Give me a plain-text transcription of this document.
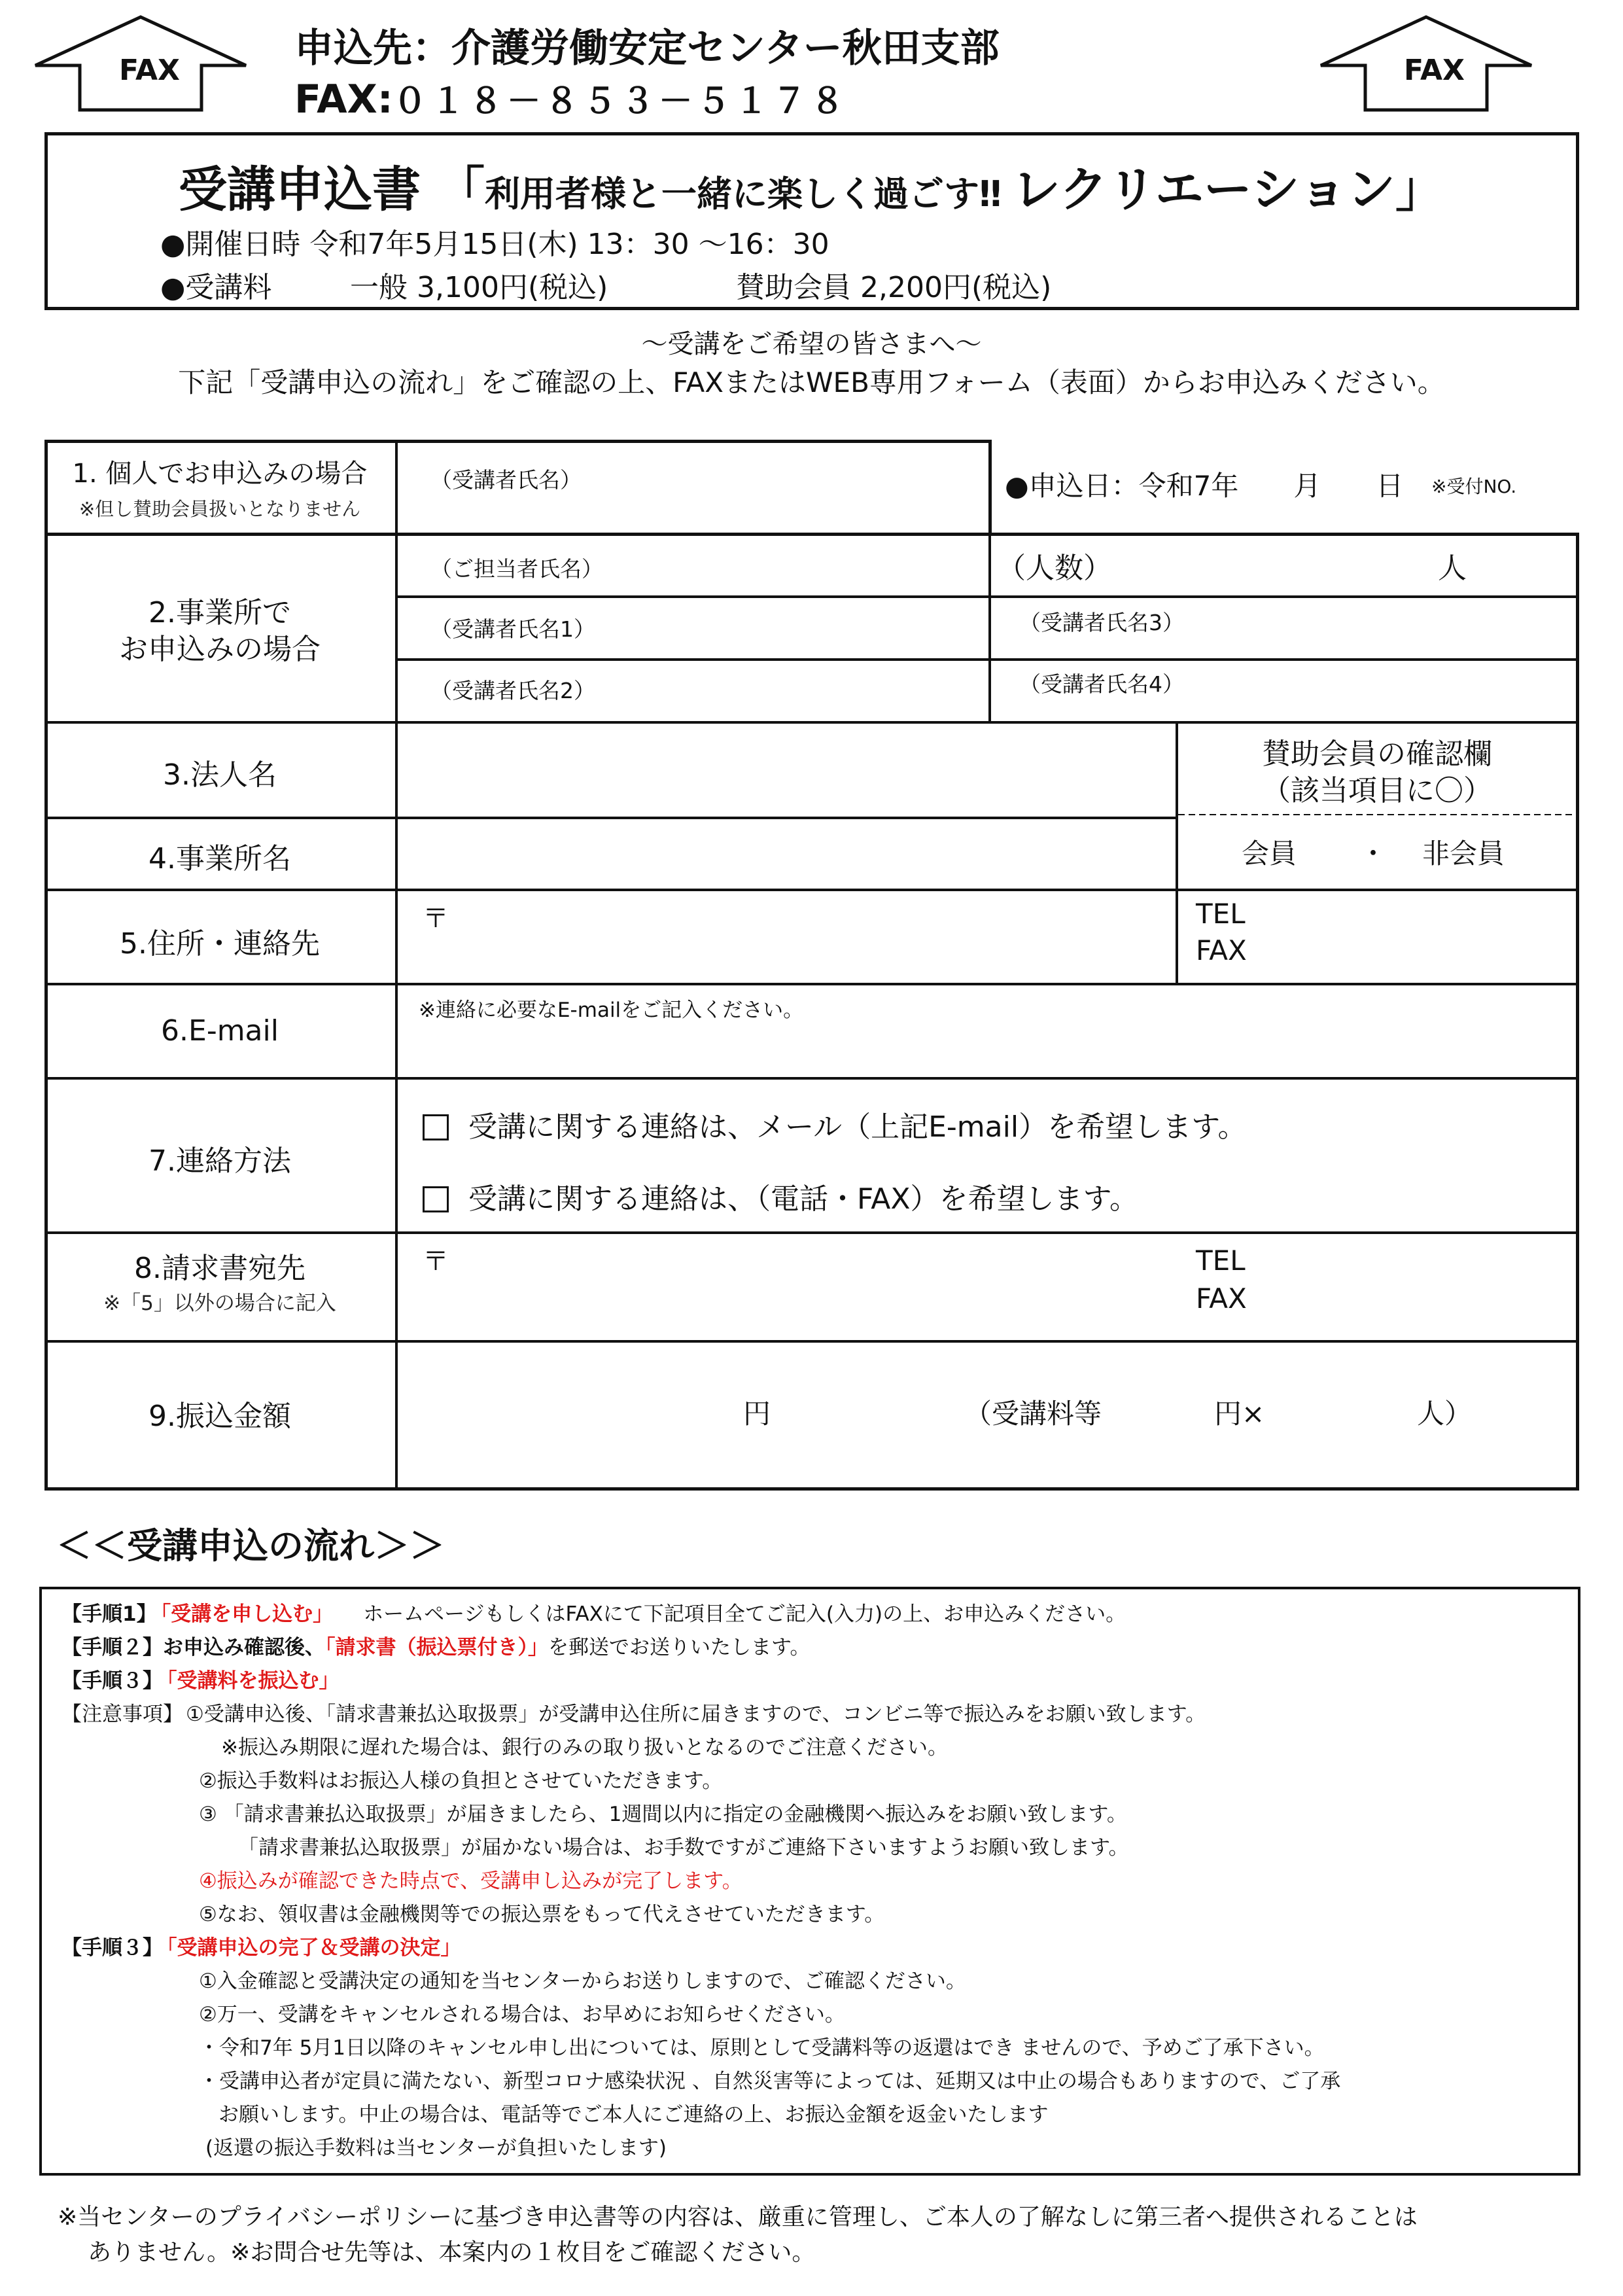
FAX	FAX
申込先：介護労働安定センター秋田支部
FAX:０１８－８５３－５１７８
受講申込書 「利用者様と一緒に楽しく過ごす‼ レクリエーション」
●開催日時 令和7年5月15日(木) 13：30 ～16：30
●受講料	一般 3,100円(税込)	賛助会員 2,200円(税込)
～受講をご希望の皆さまへ～
下記「受講申込の流れ」をご確認の上、FAXまたはWEB専用フォーム（表面）からお申込みください。
1. 個人でお申込みの場合
※但し賛助会員扱いとなりません
（受講者氏名）	●申込日：令和7年　　月　　日 ※受付NO.
2.事業所で
お申込みの場合
（ご担当者氏名）	（人数）	人
（受講者氏名1）	（受講者氏名3）
（受講者氏名2）	（受講者氏名4）
3.法人名
賛助会員の確認欄
（該当項目に〇）
4.事業所名	会員 ・ 非会員
5.住所・連絡先
〒	TEL
FAX
6.E-mail
※連絡に必要なE-mailをご記入ください。
7.連絡方法
受講に関する連絡は、メール（上記E-mail）を希望します。
受講に関する連絡は、（電話・FAX）を希望します。
8.請求書宛先
※「5」以外の場合に記入
〒	TEL
FAX
9.振込金額	円	（受講料等	円×	人）
＜＜受講申込の流れ＞＞
【手順1】 「受講を申し込む」 ホームページもしくはFAXにて下記項目全てご記入(入力)の上、お申込みください。
【手順２】お申込み確認後、「請求書（振込票付き）」を郵送でお送りいたします。
【手順３】 「受講料を振込む」
【注意事項】 ①受講申込後、「請求書兼払込取扱票」が受講申込住所に届きますので、コンビニ等で振込みをお願い致します。
※振込み期限に遅れた場合は、銀行のみの取り扱いとなるのでご注意ください。
②振込手数料はお振込人様の負担とさせていただきます。
③ 「請求書兼払込取扱票」が届きましたら、1週間以内に指定の金融機関へ振込みをお願い致します。
「請求書兼払込取扱票」が届かない場合は、お手数ですがご連絡下さいますようお願い致します。
④振込みが確認できた時点で、受講申し込みが完了します。
⑤なお、領収書は金融機関等での振込票をもって代えさせていただきます。
【手順３】 「受講申込の完了＆受講の決定」
①入金確認と受講決定の通知を当センターからお送りしますので、ご確認ください。
②万一、受講をキャンセルされる場合は、お早めにお知らせください。
・令和7年 5月1日以降のキャンセル申し出については、原則として受講料等の返還はでき ませんので、予めご了承下さい。
・受講申込者が定員に満たない、新型コロナ感染状況 、自然災害等によっては、延期又は中止の場合もありますので、ご了承
お願いします。中止の場合は、電話等でご本人にご連絡の上、お振込金額を返金いたします
(返還の振込手数料は当センターが負担いたします)
※当センターのプライバシーポリシーに基づき申込書等の内容は、厳重に管理し、ご本人の了解なしに第三者へ提供されることは
ありません。※お問合せ先等は、本案内の１枚目をご確認ください。
